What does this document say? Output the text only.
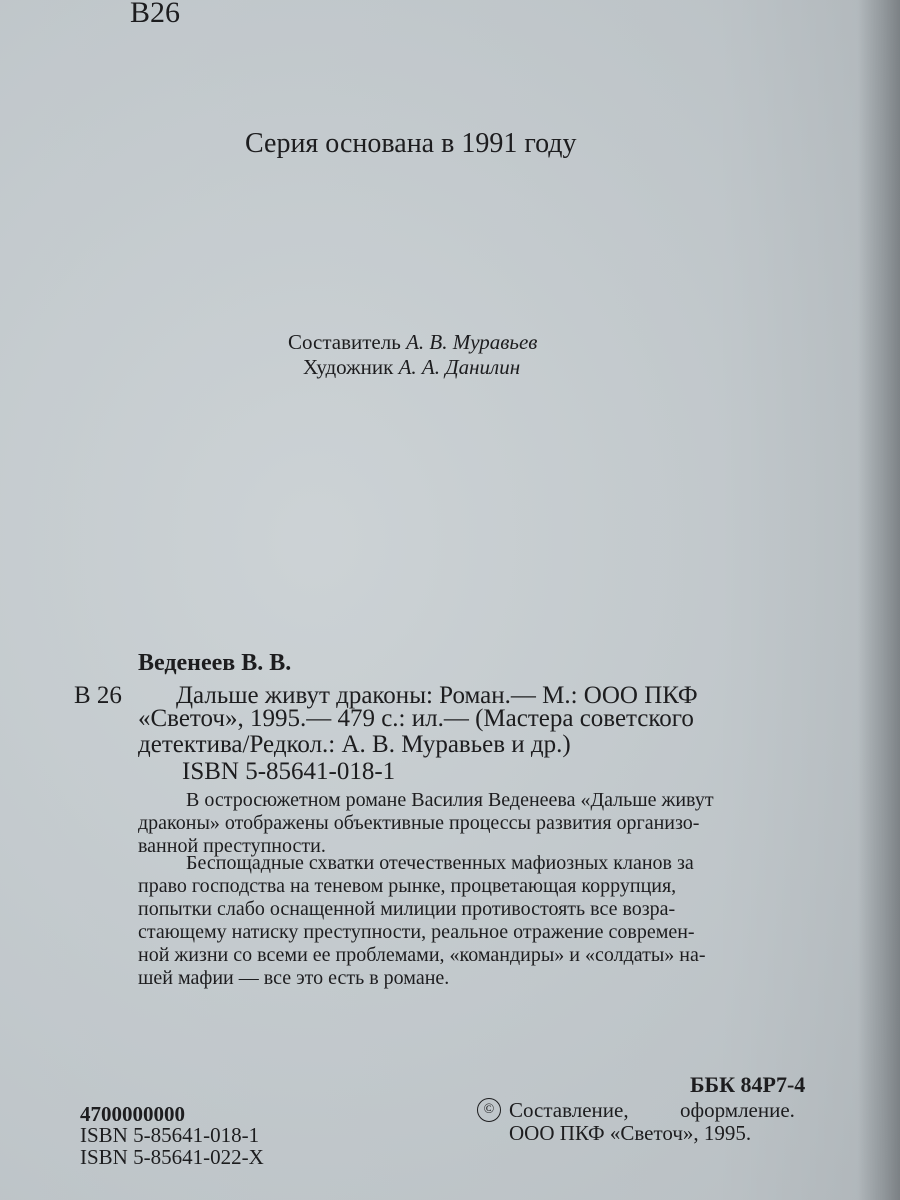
В26
Серия основана в 1991 году
Составитель А. В. Муравьев
Художник А. А. Данилин
Веденеев В. В.
В 26 Дальше живут драконы: Роман.— М.: ООО ПКФ
«Светоч», 1995.— 479 с.: ил.— (Мастера советского
детектива/Редкол.: А. В. Муравьев и др.)
ISBN 5-85641-018-1
В остросюжетном романе Василия Веденеева «Дальше живут
драконы» отображены объективные процессы развития организо-
ванной преступности.
Беспощадные схватки отечественных мафиозных кланов за
право господства на теневом рынке, процветающая коррупция,
попытки слабо оснащенной милиции противостоять все возра-
стающему натиску преступности, реальное отражение современ-
ной жизни со всеми ее проблемами, «командиры» и «солдаты» на-
шей мафии — все это есть в романе.
ББК 84Р7-4
4700000000
ISBN 5-85641-018-1
ISBN 5-85641-022-X
© Составление, оформление.
ООО ПКФ «Светоч», 1995.
